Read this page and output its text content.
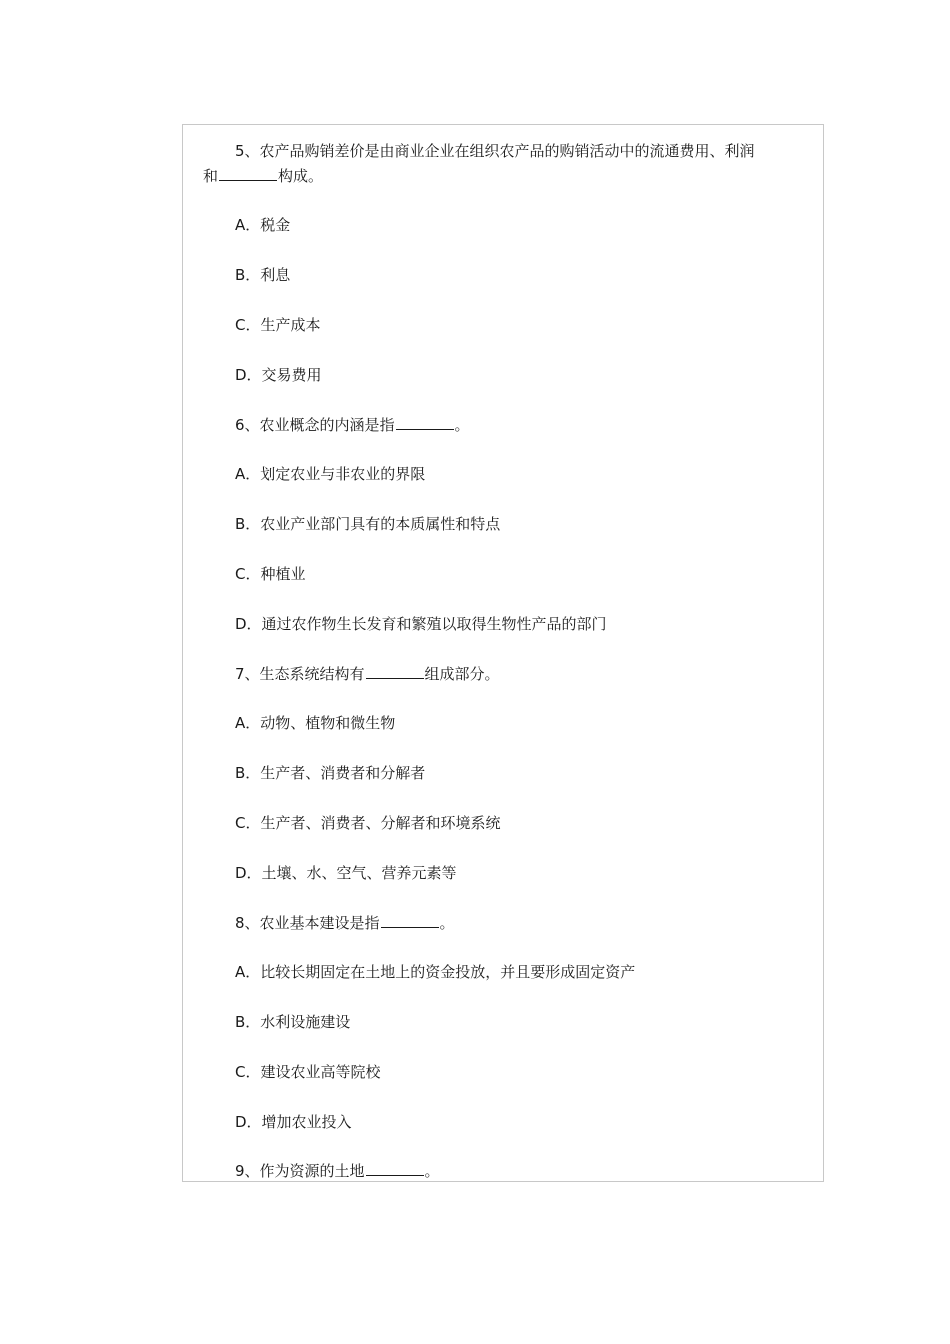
5、农产品购销差价是由商业企业在组织农产品的购销活动中的流通费用、利润
和	构成。
A．税金
B．利息
C．生产成本
D．交易费用
6、农业概念的内涵是指	。
A．划定农业与非农业的界限
B．农业产业部门具有的本质属性和特点
C．种植业
D．通过农作物生长发育和繁殖以取得生物性产品的部门
7、生态系统结构有	组成部分。
A．动物、植物和微生物
B．生产者、消费者和分解者
C．生产者、消费者、分解者和环境系统
D．土壤、水、空气、营养元素等
8、农业基本建设是指	。
A．比较长期固定在土地上的资金投放，并且要形成固定资产
B．水利设施建设
C．建设农业高等院校
D．增加农业投入
9、作为资源的土地	。
